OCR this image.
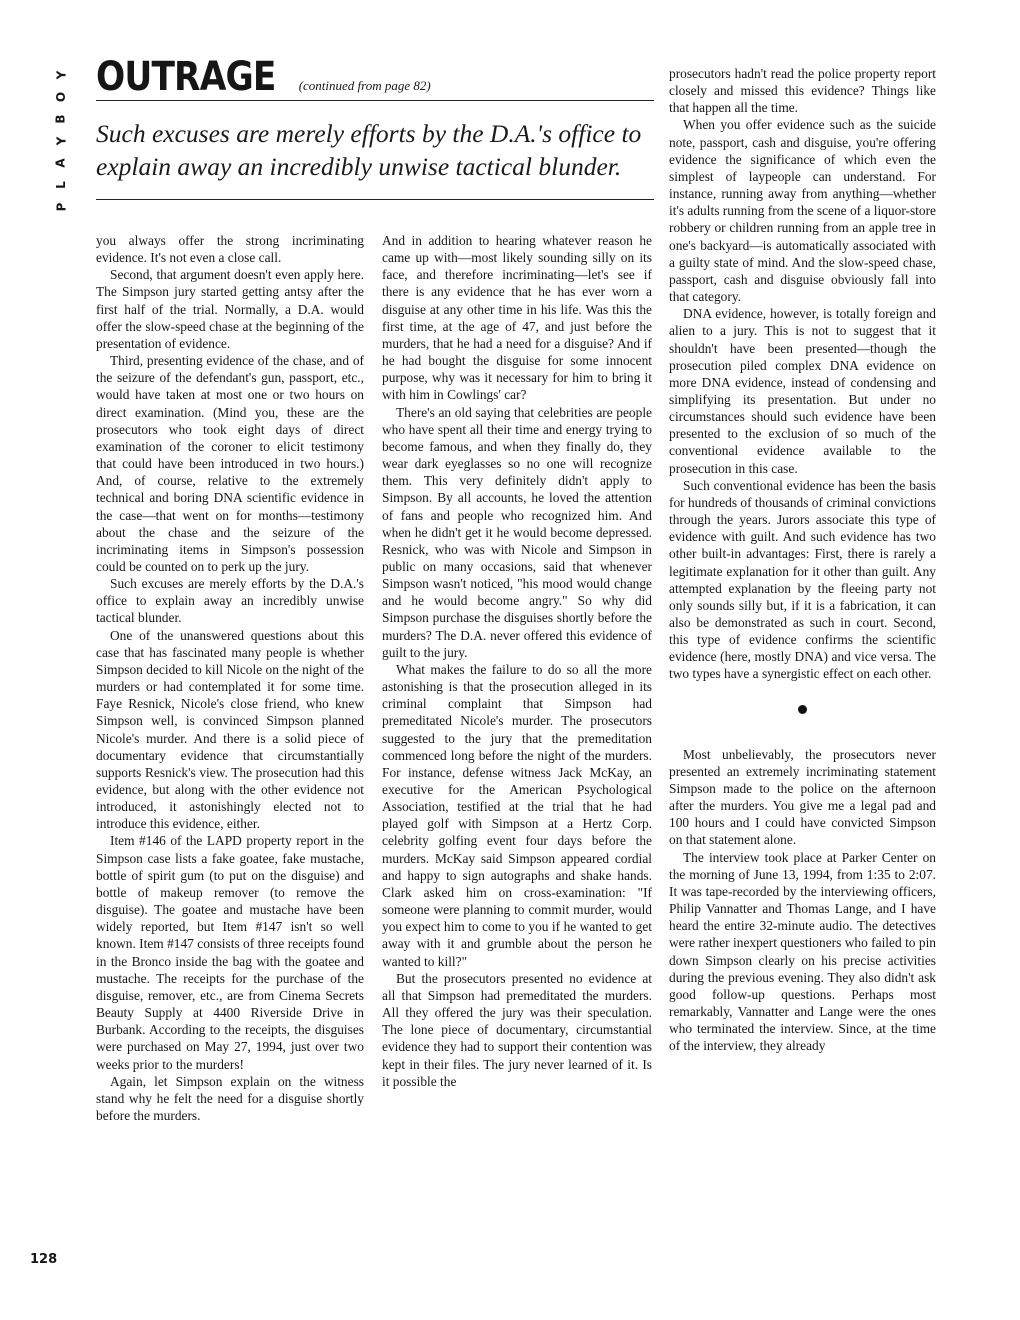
Y
O
B
Y
A
L
P
OUTRAGE (continued from page 82)
Such excuses are merely efforts by the D.A.'s office to explain away an incredibly unwise tactical blunder.

you always offer the strong incriminating evidence. It's not even a close call.

Second, that argument doesn't even apply here. The Simpson jury started getting antsy after the first half of the trial. Normally, a D.A. would offer the slow-speed chase at the beginning of the presentation of evidence.

Third, presenting evidence of the chase, and of the seizure of the defendant's gun, passport, etc., would have taken at most one or two hours on direct examination. (Mind you, these are the prosecutors who took eight days of direct examination of the coroner to elicit testimony that could have been introduced in two hours.) And, of course, relative to the extremely technical and boring DNA scientific evidence in the case—that went on for months—testimony about the chase and the seizure of the incriminating items in Simpson's possession could be counted on to perk up the jury.

Such excuses are merely efforts by the D.A.'s office to explain away an incredibly unwise tactical blunder.

One of the unanswered questions about this case that has fascinated many people is whether Simpson decided to kill Nicole on the night of the murders or had contemplated it for some time. Faye Resnick, Nicole's close friend, who knew Simpson well, is convinced Simpson planned Nicole's murder. And there is a solid piece of documentary evidence that circumstantially supports Resnick's view. The prosecution had this evidence, but along with the other evidence not introduced, it astonishingly elected not to introduce this evidence, either.

Item #146 of the LAPD property report in the Simpson case lists a fake goatee, fake mustache, bottle of spirit gum (to put on the disguise) and bottle of makeup remover (to remove the disguise). The goatee and mustache have been widely reported, but Item #147 isn't so well known. Item #147 consists of three receipts found in the Bronco inside the bag with the goatee and mustache. The receipts for the purchase of the disguise, remover, etc., are from Cinema Secrets Beauty Supply at 4400 Riverside Drive in Burbank. According to the receipts, the disguises were purchased on May 27, 1994, just over two weeks prior to the murders!

Again, let Simpson explain on the witness stand why he felt the need for a disguise shortly before the murders.

And in addition to hearing whatever reason he came up with—most likely sounding silly on its face, and therefore incriminating—let's see if there is any evidence that he has ever worn a disguise at any other time in his life. Was this the first time, at the age of 47, and just before the murders, that he had a need for a disguise? And if he had bought the disguise for some innocent purpose, why was it necessary for him to bring it with him in Cowlings' car?

There's an old saying that celebrities are people who have spent all their time and energy trying to become famous, and when they finally do, they wear dark eyeglasses so no one will recognize them. This very definitely didn't apply to Simpson. By all accounts, he loved the attention of fans and people who recognized him. And when he didn't get it he would become depressed. Resnick, who was with Nicole and Simpson in public on many occasions, said that whenever Simpson wasn't noticed, "his mood would change and he would become angry." So why did Simpson purchase the disguises shortly before the murders? The D.A. never offered this evidence of guilt to the jury.

What makes the failure to do so all the more astonishing is that the prosecution alleged in its criminal complaint that Simpson had premeditated Nicole's murder. The prosecutors suggested to the jury that the premeditation commenced long before the night of the murders. For instance, defense witness Jack McKay, an executive for the American Psychological Association, testified at the trial that he had played golf with Simpson at a Hertz Corp. celebrity golfing event four days before the murders. McKay said Simpson appeared cordial and happy to sign autographs and shake hands. Clark asked him on cross-examination: "If someone were planning to commit murder, would you expect him to come to you if he wanted to get away with it and grumble about the person he wanted to kill?"

But the prosecutors presented no evidence at all that Simpson had premeditated the murders. All they offered the jury was their speculation. The lone piece of documentary, circumstantial evidence they had to support their contention was kept in their files. The jury never learned of it. Is it possible the

prosecutors hadn't read the police property report closely and missed this evidence? Things like that happen all the time.

When you offer evidence such as the suicide note, passport, cash and disguise, you're offering evidence the significance of which even the simplest of laypeople can understand. For instance, running away from anything—whether it's adults running from the scene of a liquor-store robbery or children running from an apple tree in one's backyard—is automatically associated with a guilty state of mind. And the slow-speed chase, passport, cash and disguise obviously fall into that category.

DNA evidence, however, is totally foreign and alien to a jury. This is not to suggest that it shouldn't have been presented—though the prosecution piled complex DNA evidence on more DNA evidence, instead of condensing and simplifying its presentation. But under no circumstances should such evidence have been presented to the exclusion of so much of the conventional evidence available to the prosecution in this case.

Such conventional evidence has been the basis for hundreds of thousands of criminal convictions through the years. Jurors associate this type of evidence with guilt. And such evidence has two other built-in advantages: First, there is rarely a legitimate explanation for it other than guilt. Any attempted explanation by the fleeing party not only sounds silly but, if it is a fabrication, it can also be demonstrated as such in court. Second, this type of evidence confirms the scientific evidence (here, mostly DNA) and vice versa. The two types have a synergistic effect on each other.

Most unbelievably, the prosecutors never presented an extremely incriminating statement Simpson made to the police on the afternoon after the murders. You give me a legal pad and 100 hours and I could have convicted Simpson on that statement alone.

The interview took place at Parker Center on the morning of June 13, 1994, from 1:35 to 2:07. It was tape-recorded by the interviewing officers, Philip Vannatter and Thomas Lange, and I have heard the entire 32-minute audio. The detectives were rather inexpert questioners who failed to pin down Simpson clearly on his precise activities during the previous evening. They also didn't ask good follow-up questions. Perhaps most remarkably, Vannatter and Lange were the ones who terminated the interview. Since, at the time of the interview, they already

128
